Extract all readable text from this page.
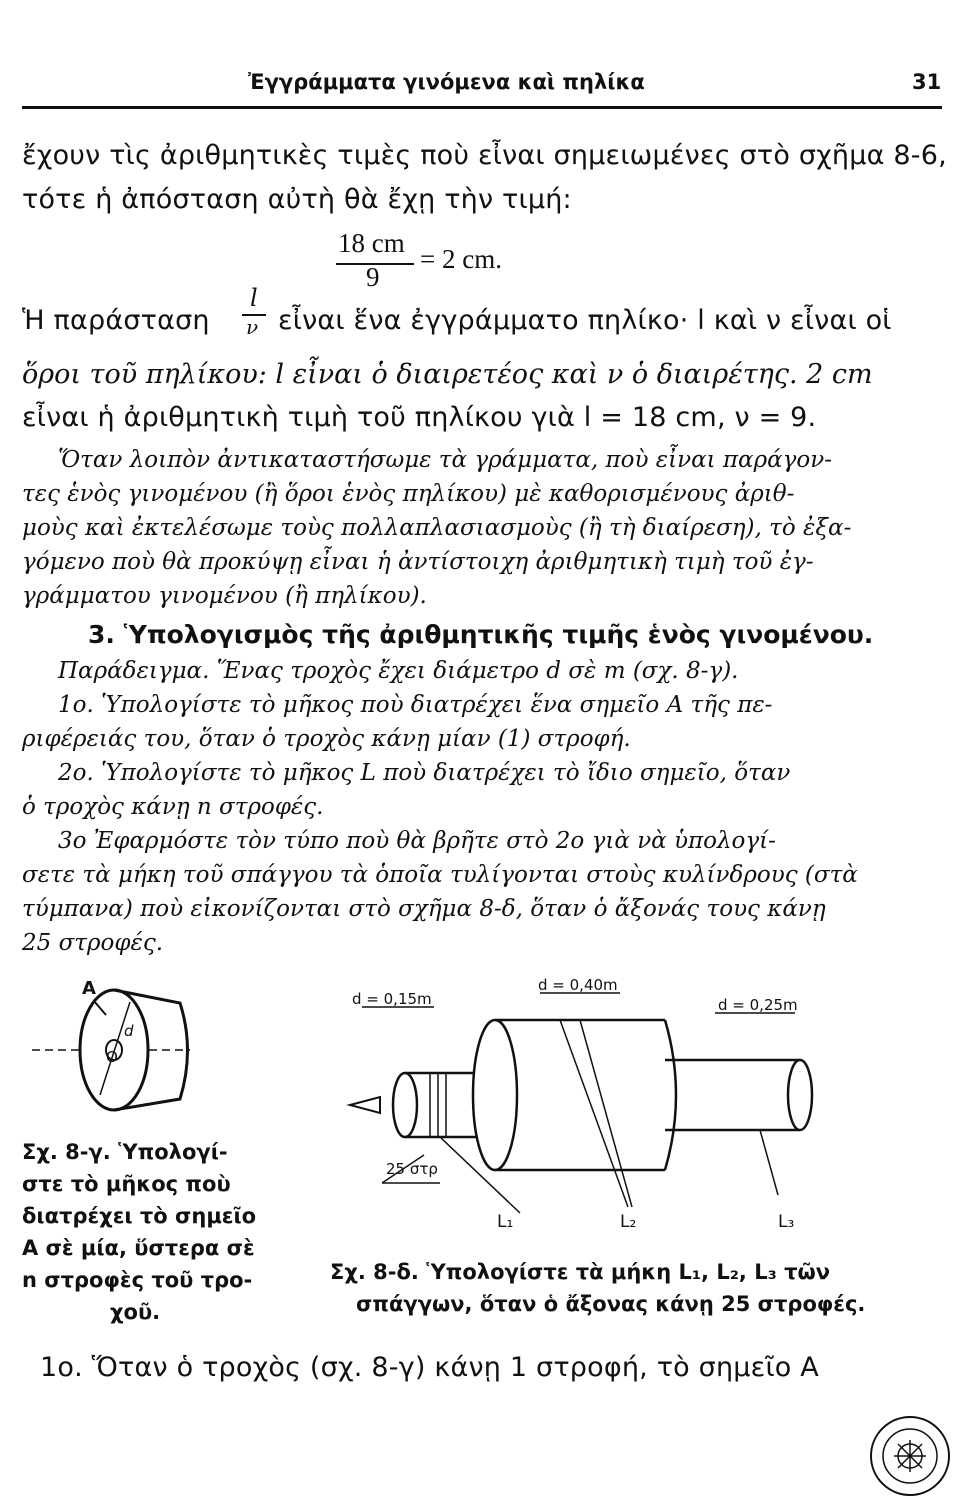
Ἐγγράμματα γινόμενα καὶ πηλίκα	31
ἔχουν τὶς ἀριθμητικὲς τιμὲς ποὺ εἶναι σημειωμένες στὸ σχῆμα 8-6,
τότε ἡ ἀπόσταση αὐτὴ θὰ ἔχῃ τὴν τιμή:
18 cm
9
= 2 cm.
Ἡ παράσταση
l
ν εἶναι ἕνα ἐγγράμματο πηλίκο· l καὶ ν εἶναι οἱ
ὅροι τοῦ πηλίκου: l εἶναι ὁ διαιρετέος καὶ ν ὁ διαιρέτης. 2 cm
εἶναι ἡ ἀριθμητικὴ τιμὴ τοῦ πηλίκου γιὰ l = 18 cm, ν = 9.
Ὅταν λοιπὸν ἀντικαταστήσωμε τὰ γράμματα, ποὺ εἶναι παράγον-
τες ἑνὸς γινομένου (ἢ ὅροι ἑνὸς πηλίκου) μὲ καθορισμένους ἀριθ-
μοὺς καὶ ἐκτελέσωμε τοὺς πολλαπλασιασμοὺς (ἢ τὴ διαίρεση), τὸ ἐξα-
γόμενο ποὺ θὰ προκύψῃ εἶναι ἡ ἀντίστοιχη ἀριθμητικὴ τιμὴ τοῦ ἐγ-
γράμματου γινομένου (ἢ πηλίκου).
3. Ὑπολογισμὸς τῆς ἀριθμητικῆς τιμῆς ἑνὸς γινομένου.
Παράδειγμα. Ἕνας τροχὸς ἔχει διάμετρο d σὲ m (σχ. 8-γ).
1ο. Ὑπολογίστε τὸ μῆκος ποὺ διατρέχει ἕνα σημεῖο Α τῆς πε-
ριφέρειάς του, ὅταν ὁ τροχὸς κάνῃ μίαν (1) στροφή.
2ο. Ὑπολογίστε τὸ μῆκος L ποὺ διατρέχει τὸ ἴδιο σημεῖο, ὅταν
ὁ τροχὸς κάνῃ n στροφές.
3ο Ἐφαρμόστε τὸν τύπο ποὺ θὰ βρῆτε στὸ 2ο γιὰ νὰ ὑπολογί-
σετε τὰ μήκη τοῦ σπάγγου τὰ ὁποῖα τυλίγονται στοὺς κυλίνδρους (στὰ
τύμπανα) ποὺ εἰκονίζονται στὸ σχῆμα 8-δ, ὅταν ὁ ἄξονάς τους κάνῃ
25 στροφές.
A
d
O
Σχ. 8-γ. Ὑπολογί-
στε τὸ μῆκος ποὺ
διατρέχει τὸ σημεῖο
Α σὲ μία, ὕστερα σὲ
n στροφὲς τοῦ τρο-
χοῦ.
d = 0,15m
d = 0,40m
d = 0,25m
25 στρ
L₁	L₂	L₃
Σχ. 8-δ. Ὑπολογίστε τὰ μήκη L₁, L₂, L₃ τῶν
σπάγγων, ὅταν ὁ ἄξονας κάνῃ 25 στροφές.
1ο. Ὅταν ὁ τροχὸς (σχ. 8-γ) κάνῃ 1 στροφή, τὸ σημεῖο Α
